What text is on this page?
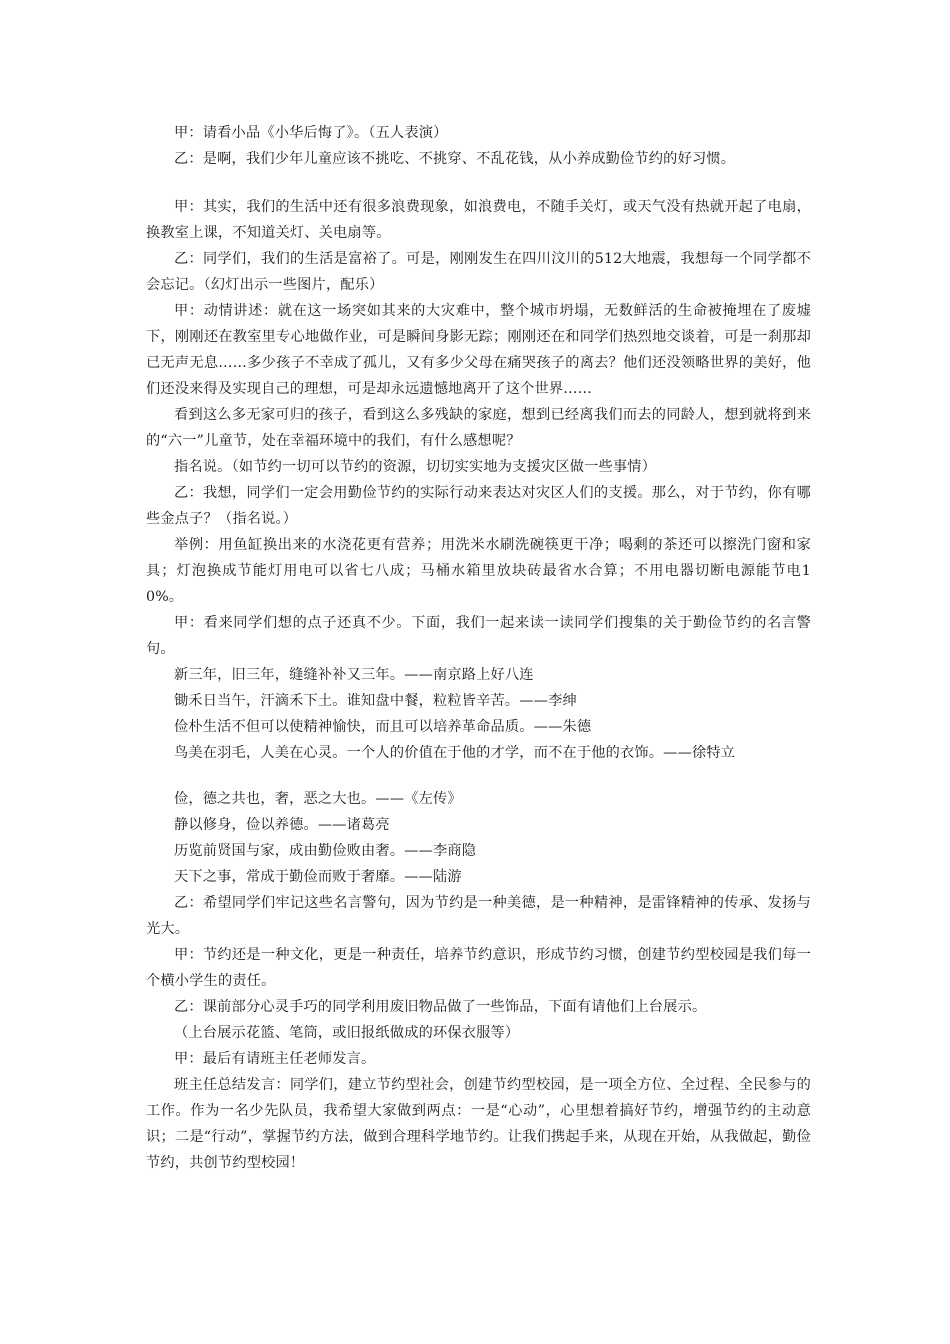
甲：请看小品《小华后悔了》。（五人表演）

乙：是啊，我们少年儿童应该不挑吃、不挑穿、不乱花钱，从小养成勤俭节约的好习惯。

甲：其实，我们的生活中还有很多浪费现象，如浪费电，不随手关灯，或天气没有热就开起了电扇，换教室上课，不知道关灯、关电扇等。

乙：同学们，我们的生活是富裕了。可是，刚刚发生在四川汶川的512大地震，我想每一个同学都不会忘记。（幻灯出示一些图片，配乐）

甲：动情讲述：就在这一场突如其来的大灾难中，整个城市坍塌，无数鲜活的生命被掩埋在了废墟下，刚刚还在教室里专心地做作业，可是瞬间身影无踪；刚刚还在和同学们热烈地交谈着，可是一刹那却已无声无息……多少孩子不幸成了孤儿，又有多少父母在痛哭孩子的离去？他们还没领略世界的美好，他们还没来得及实现自己的理想，可是却永远遗憾地离开了这个世界……

看到这么多无家可归的孩子，看到这么多残缺的家庭，想到已经离我们而去的同龄人，想到就将到来的“六一”儿童节，处在幸福环境中的我们，有什么感想呢？

指名说。（如节约一切可以节约的资源，切切实实地为支援灾区做一些事情）

乙：我想，同学们一定会用勤俭节约的实际行动来表达对灾区人们的支援。那么，对于节约，你有哪些金点子？（指名说。）

举例：用鱼缸换出来的水浇花更有营养；用洗米水刷洗碗筷更干净；喝剩的茶还可以擦洗门窗和家具；灯泡换成节能灯用电可以省七八成；马桶水箱里放块砖最省水合算；不用电器切断电源能节电10%。

甲：看来同学们想的点子还真不少。下面，我们一起来读一读同学们搜集的关于勤俭节约的名言警句。

新三年，旧三年，缝缝补补又三年。——南京路上好八连

锄禾日当午，汗滴禾下土。谁知盘中餐，粒粒皆辛苦。——李绅

俭朴生活不但可以使精神愉快，而且可以培养革命品质。——朱德

鸟美在羽毛，人美在心灵。一个人的价值在于他的才学，而不在于他的衣饰。——徐特立

俭，德之共也，奢，恶之大也。——《左传》

静以修身，俭以养德。——诸葛亮

历览前贤国与家，成由勤俭败由奢。——李商隐

天下之事，常成于勤俭而败于奢靡。——陆游

乙：希望同学们牢记这些名言警句，因为节约是一种美德，是一种精神，是雷锋精神的传承、发扬与光大。

甲：节约还是一种文化，更是一种责任，培养节约意识，形成节约习惯，创建节约型校园是我们每一个横小学生的责任。

乙：课前部分心灵手巧的同学利用废旧物品做了一些饰品，下面有请他们上台展示。

（上台展示花篮、笔筒，或旧报纸做成的环保衣服等）

甲：最后有请班主任老师发言。

班主任总结发言：同学们，建立节约型社会，创建节约型校园，是一项全方位、全过程、全民参与的工作。作为一名少先队员，我希望大家做到两点：一是“心动”，心里想着搞好节约，增强节约的主动意识；二是“行动”，掌握节约方法，做到合理科学地节约。让我们携起手来，从现在开始，从我做起，勤俭节约，共创节约型校园！
